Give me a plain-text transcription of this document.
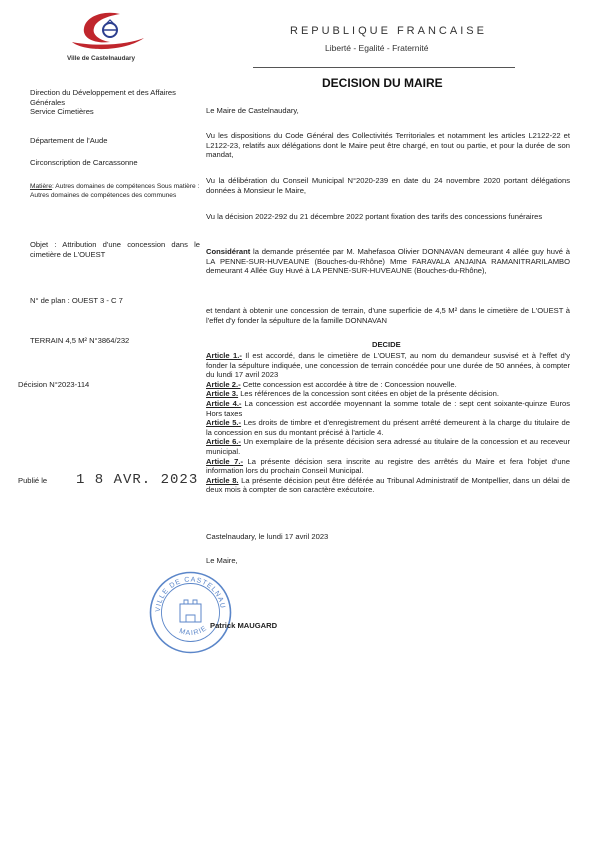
Ville de Castelnaudary
REPUBLIQUE FRANCAISE
Liberté - Egalité - Fraternité
DECISION DU MAIRE
Direction du Développement et des Affaires Générales
Service Cimetières
Département de l'Aude
Circonscription de Carcassonne
Matière: Autres domaines de compétences Sous matière : Autres domaines de compétences des communes
Objet : Attribution d'une concession dans le cimetière de L'OUEST
N° de plan : OUEST 3 - C 7
TERRAIN 4,5 M² N°3864/232
Décision N°2023-114
Publié le 1 8 AVR. 2023
Le Maire de Castelnaudary,
Vu les dispositions du Code Général des Collectivités Territoriales et notamment les articles L2122-22 et L2122-23, relatifs aux délégations dont le Maire peut être chargé, en tout ou partie, et pour la durée de son mandat,
Vu la délibération du Conseil Municipal N°2020-239 en date du 24 novembre 2020 portant délégations données à Monsieur le Maire,
Vu la décision 2022-292 du 21 décembre 2022 portant fixation des tarifs des concessions funéraires
Considérant la demande présentée par M. Mahefasoa Olivier DONNAVAN demeurant 4 allée guy huvé à LA PENNE-SUR-HUVEAUNE (Bouches-du-Rhône) Mme FARAVALA ANJAINA RAMANITRARILAMBO demeurant 4 Allée Guy Huvé à LA PENNE-SUR-HUVEAUNE (Bouches-du-Rhône),
et tendant à obtenir une concession de terrain, d'une superficie de 4,5 M² dans le cimetière de L'OUEST à l'effet d'y fonder la sépulture de la famille DONNAVAN
DECIDE
Article 1.- Il est accordé, dans le cimetière de L'OUEST, au nom du demandeur susvisé et à l'effet d'y fonder la sépulture indiquée, une concession de terrain concédée pour une durée de 50 années, à compter du lundi 17 avril 2023
Article 2.- Cette concession est accordée à titre de : Concession nouvelle.
Article 3. Les références de la concession sont citées en objet de la présente décision.
Article 4.- La concession est accordée moyennant la somme totale de : sept cent soixante-quinze Euros Hors taxes
Article 5.- Les droits de timbre et d'enregistrement du présent arrêté demeurent à la charge du titulaire de la concession en sus du montant précisé à l'article 4.
Article 6.- Un exemplaire de la présente décision sera adressé au titulaire de la concession et au receveur municipal.
Article 7.- La présente décision sera inscrite au registre des arrêtés du Maire et fera l'objet d'une information lors du prochain Conseil Municipal.
Article 8. La présente décision peut être déférée au Tribunal Administratif de Montpellier, dans un délai de deux mois à compter de son caractère exécutoire.
Castelnaudary, le lundi 17 avril 2023
Le Maire,
VILLE DE CASTELNAU
MAIRIE Patrick MAUGARD
